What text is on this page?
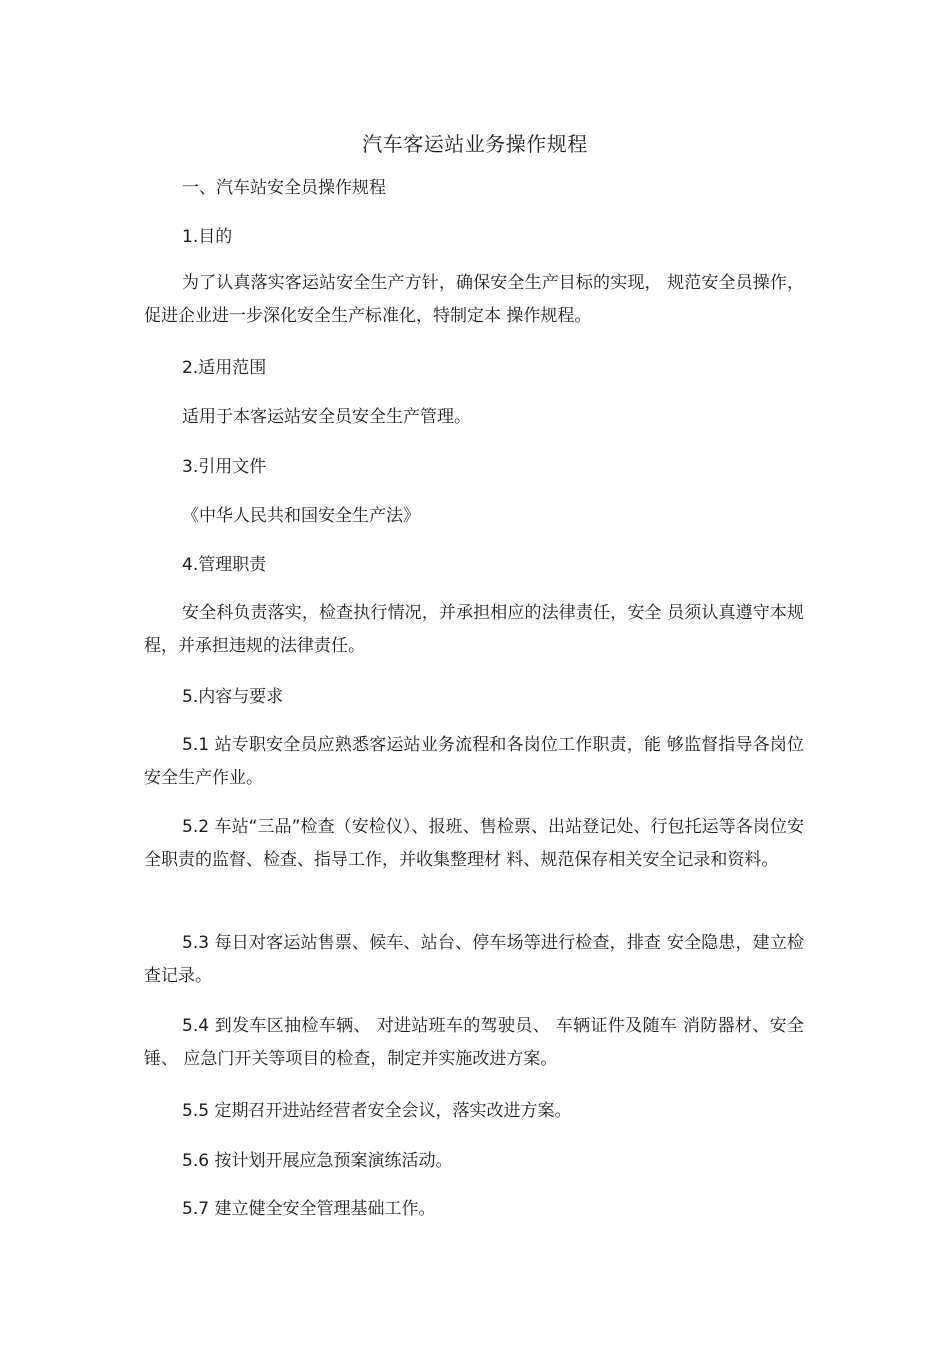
汽车客运站业务操作规程
一、汽车站安全员操作规程
1.目的
为了认真落实客运站安全生产方针，确保安全生产目标的实现， 规范安全员操作，促进企业进一步深化安全生产标准化，特制定本 操作规程。
2.适用范围
适用于本客运站安全员安全生产管理。
3.引用文件
《中华人民共和国安全生产法》
4.管理职责
安全科负责落实，检查执行情况，并承担相应的法律责任，安全 员须认真遵守本规程，并承担违规的法律责任。
5.内容与要求
5.1 站专职安全员应熟悉客运站业务流程和各岗位工作职责，能 够监督指导各岗位安全生产作业。
5.2 车站“三品”检查（安检仪）、报班、售检票、出站登记处、行包托运等各岗位安全职责的监督、检查、指导工作，并收集整理材 料、规范保存相关安全记录和资料。
5.3 每日对客运站售票、候车、站台、停车场等进行检查，排查 安全隐患，建立检查记录。
5.4 到发车区抽检车辆、 对进站班车的驾驶员、 车辆证件及随车 消防器材、安全锤、 应急门开关等项目的检查，制定并实施改进方案。
5.5 定期召开进站经营者安全会议，落实改进方案。
5.6 按计划开展应急预案演练活动。
5.7 建立健全安全管理基础工作。
